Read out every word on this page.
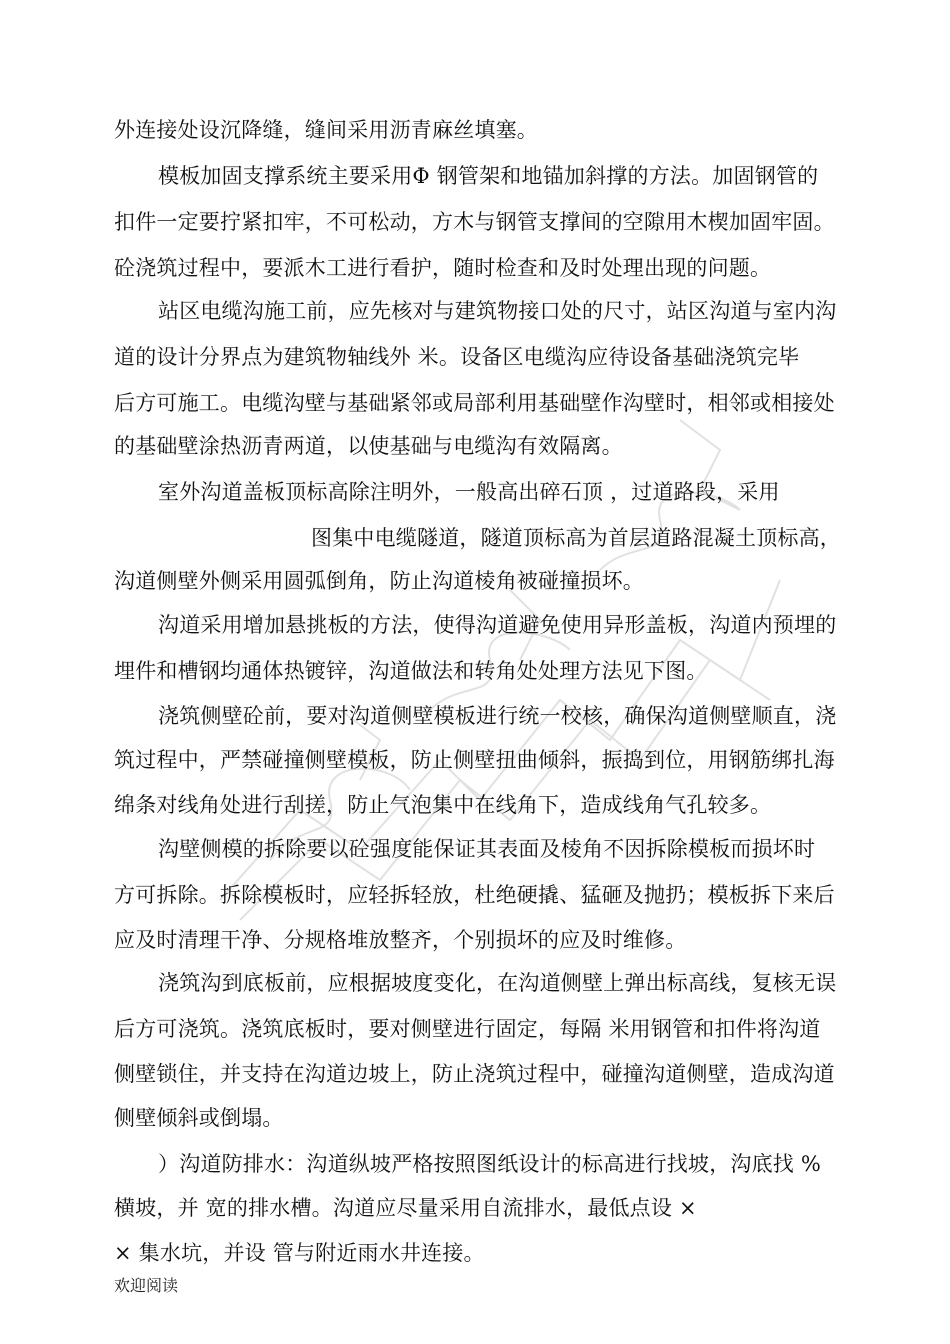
外连接处设沉降缝，缝间采用沥青麻丝填塞。
模板加固支撑系统主要采用Φ 钢管架和地锚加斜撑的方法。加固钢管的
扣件一定要拧紧扣牢，不可松动，方木与钢管支撑间的空隙用木楔加固牢固。
砼浇筑过程中，要派木工进行看护，随时检查和及时处理出现的问题。
站区电缆沟施工前，应先核对与建筑物接口处的尺寸，站区沟道与室内沟
道的设计分界点为建筑物轴线外 米。设备区电缆沟应待设备基础浇筑完毕
后方可施工。电缆沟壁与基础紧邻或局部利用基础壁作沟壁时，相邻或相接处
的基础壁涂热沥青两道，以使基础与电缆沟有效隔离。
室外沟道盖板顶标高除注明外，一般高出碎石顶 ，过道路段，采用
图集中电缆隧道，隧道顶标高为首层道路混凝土顶标高，
沟道侧壁外侧采用圆弧倒角，防止沟道棱角被碰撞损坏。
沟道采用增加悬挑板的方法，使得沟道避免使用异形盖板，沟道内预埋的
埋件和槽钢均通体热镀锌，沟道做法和转角处处理方法见下图。
浇筑侧壁砼前，要对沟道侧壁模板进行统一校核，确保沟道侧壁顺直，浇
筑过程中，严禁碰撞侧壁模板，防止侧壁扭曲倾斜，振捣到位，用钢筋绑扎海
绵条对线角处进行刮搓，防止气泡集中在线角下，造成线角气孔较多。
沟壁侧模的拆除要以砼强度能保证其表面及棱角不因拆除模板而损坏时
方可拆除。拆除模板时，应轻拆轻放，杜绝硬撬、猛砸及抛扔；模板拆下来后
应及时清理干净、分规格堆放整齐，个别损坏的应及时维修。
浇筑沟到底板前，应根据坡度变化，在沟道侧壁上弹出标高线，复核无误
后方可浇筑。浇筑底板时，要对侧壁进行固定，每隔 米用钢管和扣件将沟道
侧壁锁住，并支持在沟道边坡上，防止浇筑过程中，碰撞沟道侧壁，造成沟道
侧壁倾斜或倒塌。
）沟道防排水：沟道纵坡严格按照图纸设计的标高进行找坡，沟底找 %
横坡，并 宽的排水槽。沟道应尽量采用自流排水，最低点设 ×
× 集水坑，并设 管与附近雨水井连接。
欢迎阅读
